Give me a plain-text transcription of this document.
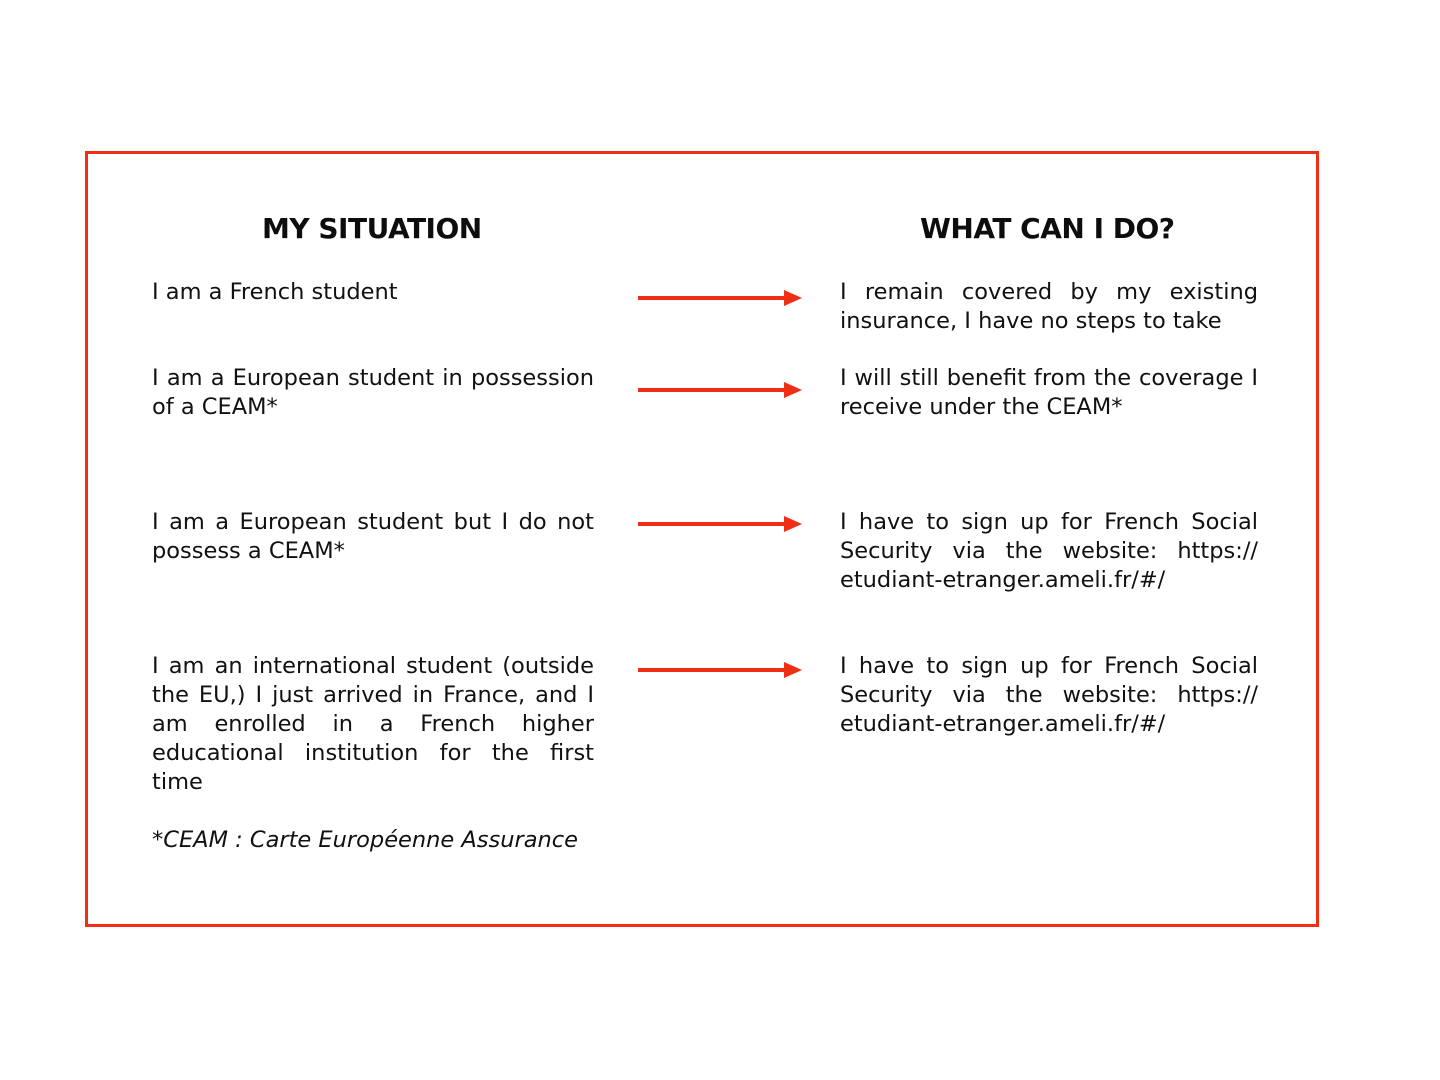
MY SITUATION	WHAT CAN I DO?

I am a French student	I remain covered by my existing insurance, I have no steps to take

I am a European student in possession of a CEAM*

I will still benefit from the coverage I receive under the CEAM*

I am a European student but I do not possess a CEAM*

I have to sign up for French Social Security via the website: https:// etudiant-etranger.ameli.fr/#/

I am an international student (outside the EU,) I just arrived in France, and I am enrolled in a French higher educational institution for the first time

I have to sign up for French Social Security via the website: https:// etudiant-etranger.ameli.fr/#/

*CEAM : Carte Européenne Assurance
